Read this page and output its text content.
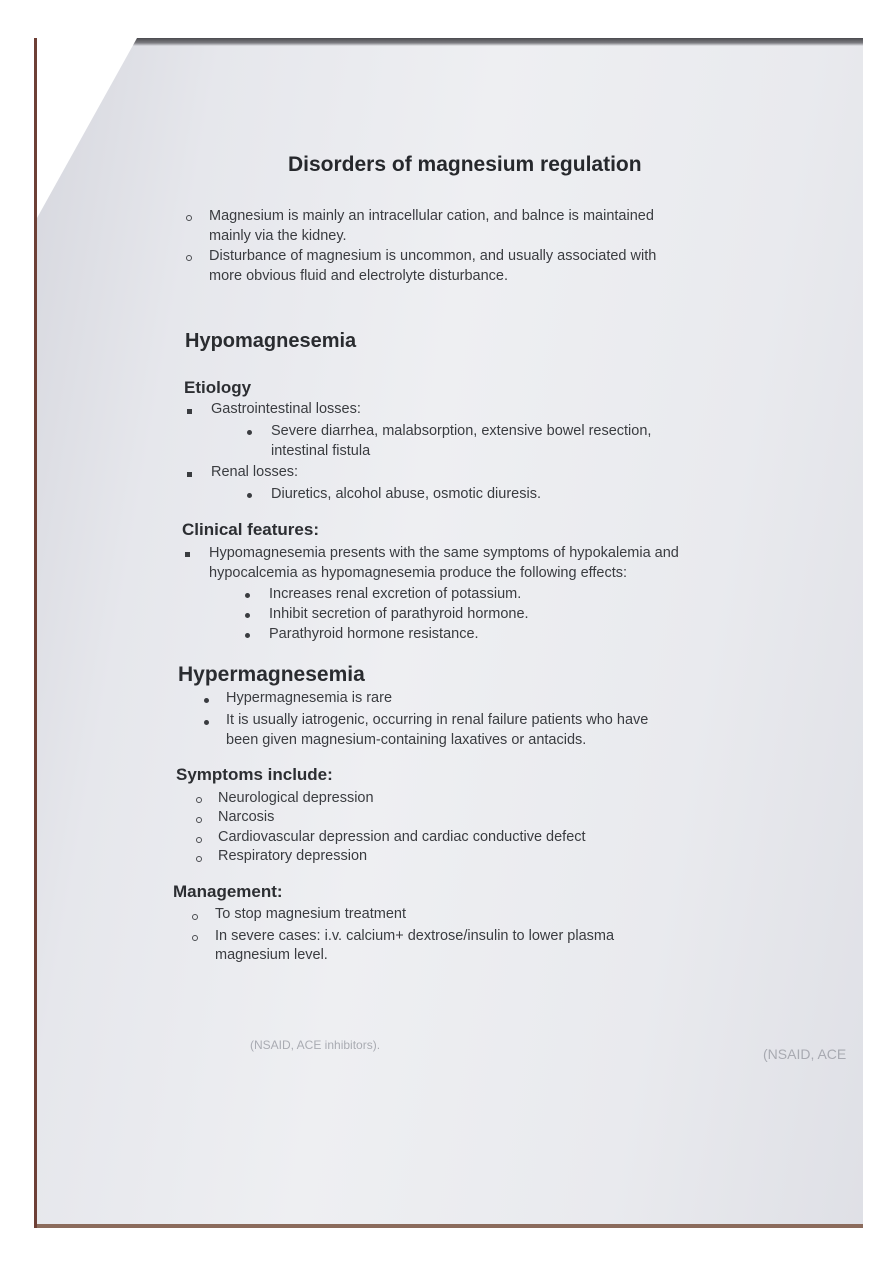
(NSAID, ACE inhibitors).
(NSAID, ACE
Disorders of magnesium regulation
Magnesium is mainly an intracellular cation, and balnce is maintained
mainly via the kidney.
Disturbance of magnesium is uncommon, and usually associated with
more obvious fluid and electrolyte disturbance.
Hypomagnesemia
Etiology
Gastrointestinal losses:
Severe diarrhea, malabsorption, extensive bowel resection,
intestinal fistula
Renal losses:
Diuretics, alcohol abuse, osmotic diuresis.
Clinical features:
Hypomagnesemia presents with the same symptoms of hypokalemia and
hypocalcemia as hypomagnesemia produce the following effects:
Increases renal excretion of potassium.
Inhibit secretion of parathyroid hormone.
Parathyroid hormone resistance.
Hypermagnesemia
Hypermagnesemia is rare
It is usually iatrogenic, occurring in renal failure patients who have
been given magnesium-containing laxatives or antacids.
Symptoms include:
Neurological depression
Narcosis
Cardiovascular depression and cardiac conductive defect
Respiratory depression
Management:
To stop magnesium treatment
In severe cases: i.v. calcium+ dextrose/insulin to lower plasma
magnesium level.
